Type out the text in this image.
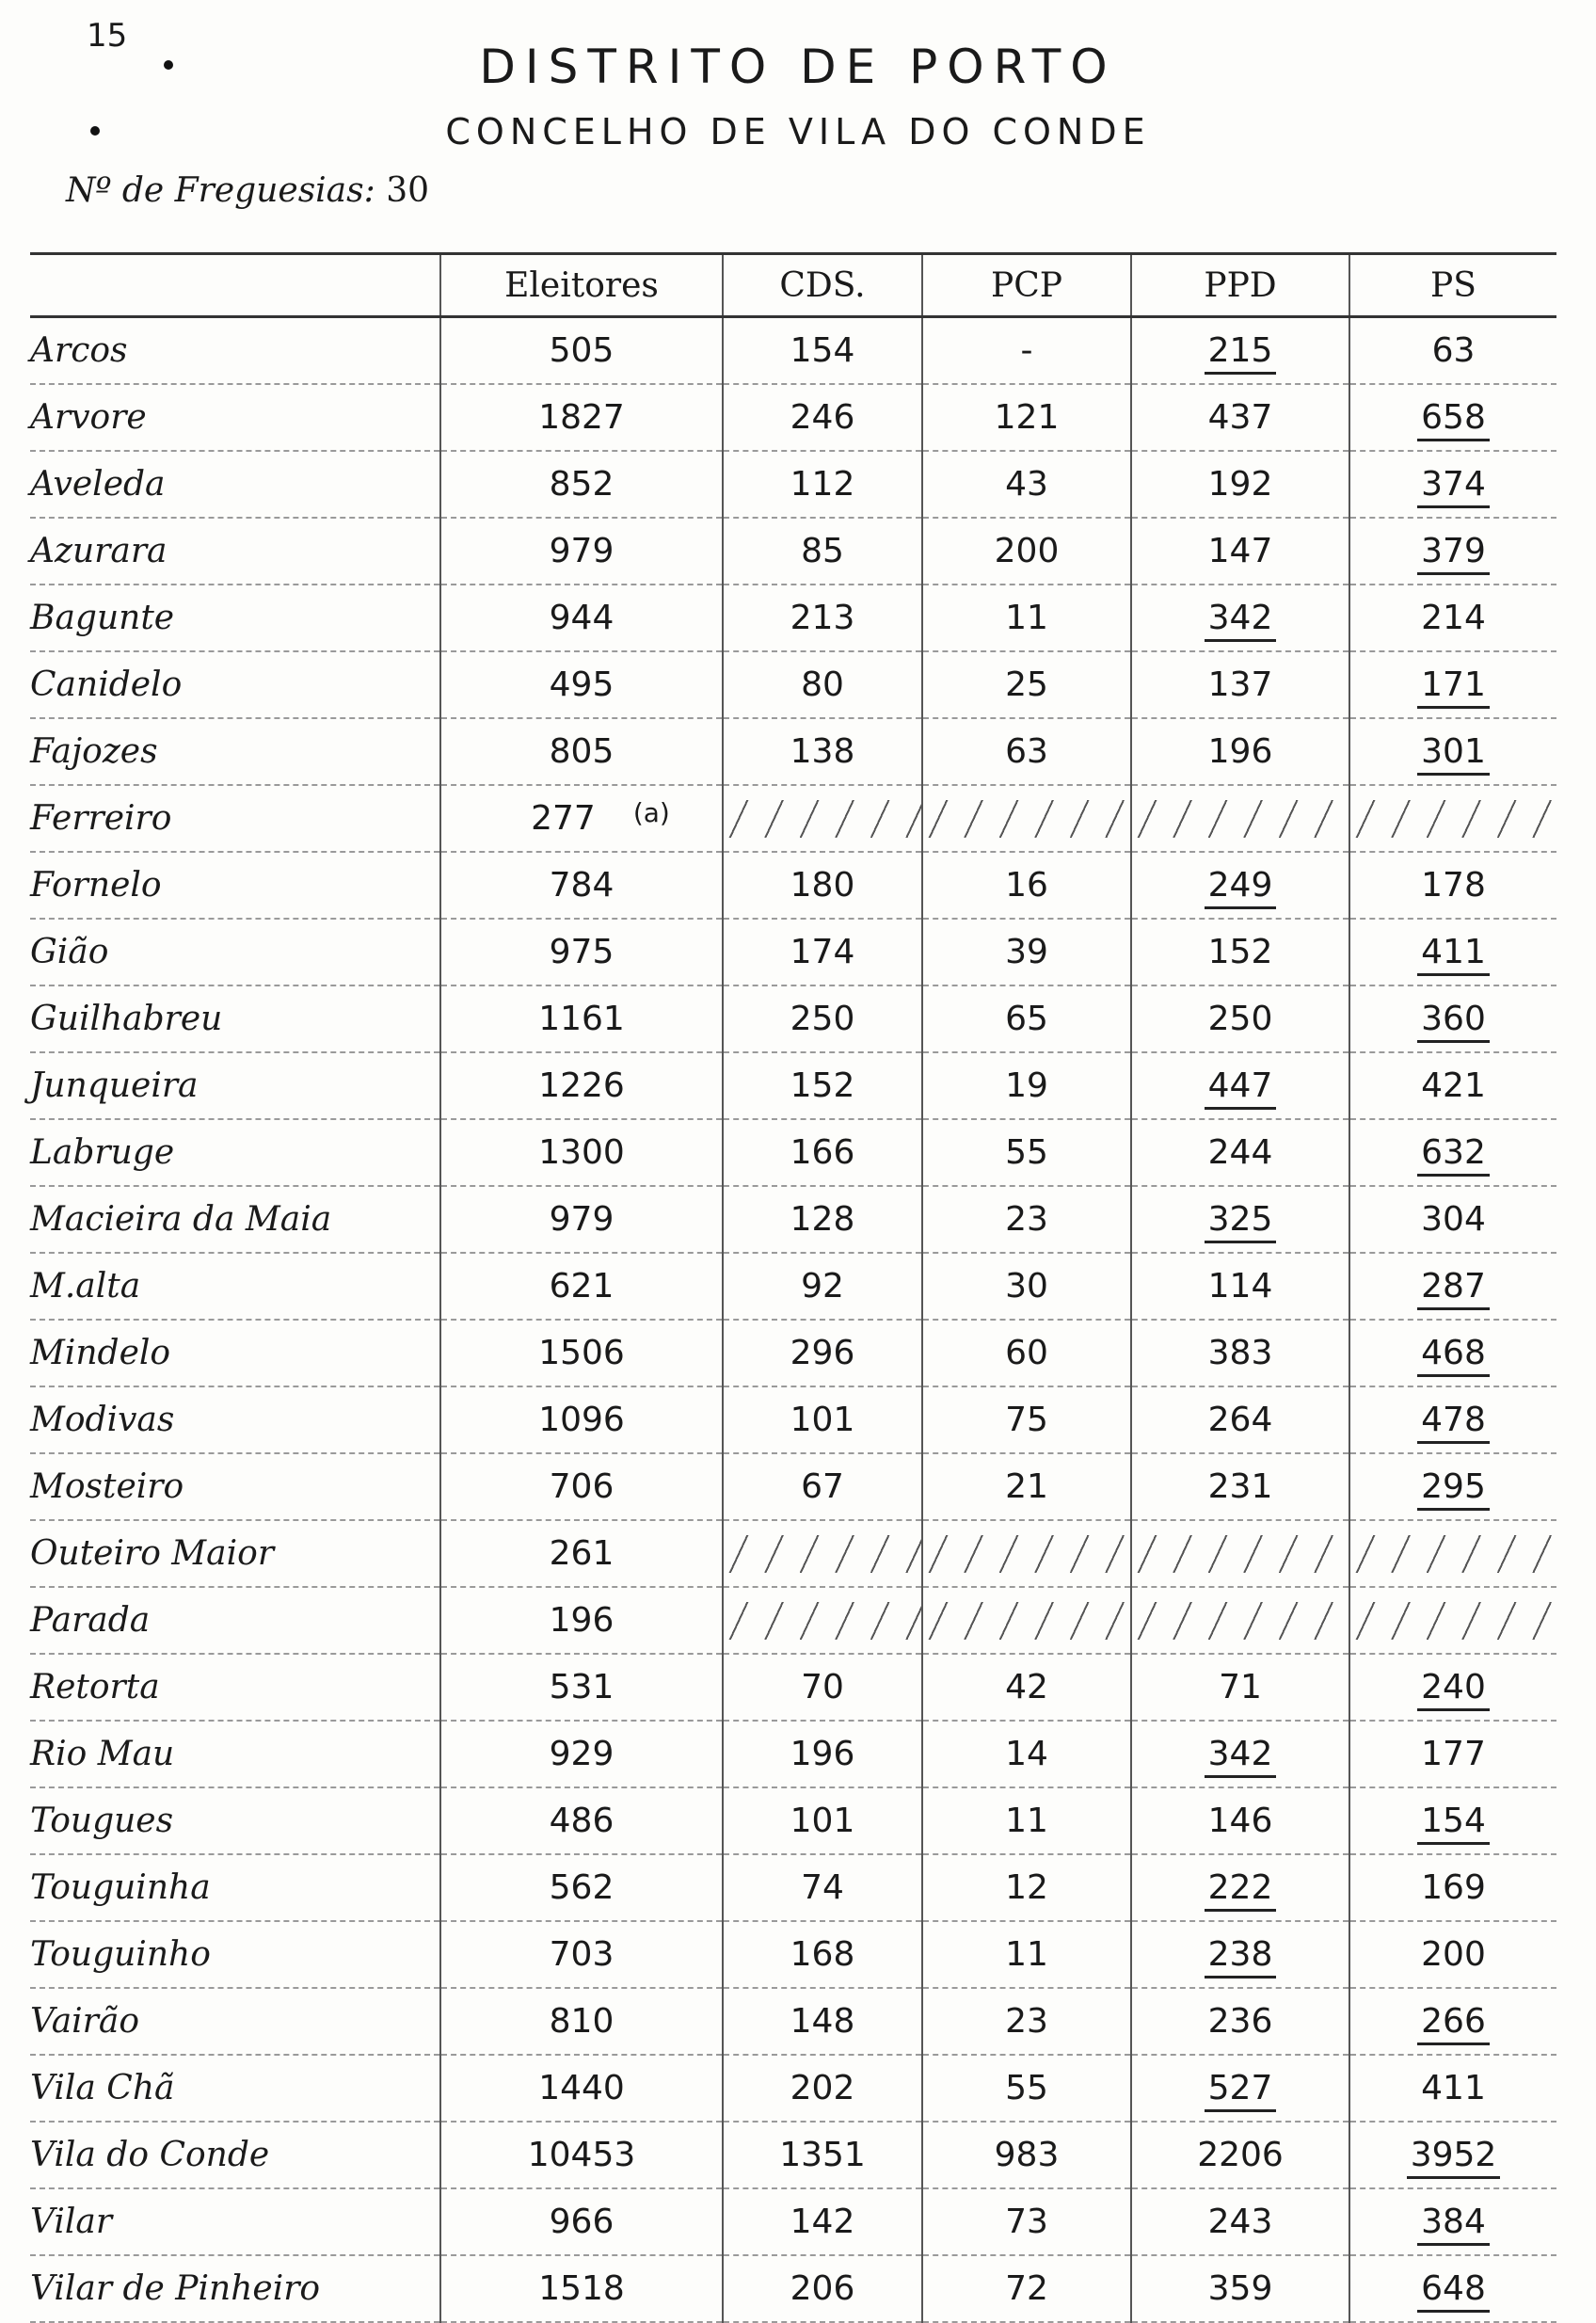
15
DISTRITO DE PORTO
CONCELHO DE VILA DO CONDE
Nº de Freguesias: 30
	Eleitores	CDS.	PCP	PPD	PS
Arcos	505	154	-	215	63
Arvore	1827	246	121	437	658
Aveleda	852	112	43	192	374
Azurara	979	85	200	147	379
Bagunte	944	213	11	342	214
Canidelo	495	80	25	137	171
Fajozes	805	138	63	196	301
Ferreiro	277 $^{(a)}$				
Fornelo	784	180	16	249	178
Gião	975	174	39	152	411
Guilhabreu	1161	250	65	250	360
Junqueira	1226	152	19	447	421
Labruge	1300	166	55	244	632
Macieira da Maia	979	128	23	325	304
M.alta	621	92	30	114	287
Mindelo	1506	296	60	383	468
Modivas	1096	101	75	264	478
Mosteiro	706	67	21	231	295
Outeiro Maior	261				
Parada	196				
Retorta	531	70	42	71	240
Rio Mau	929	196	14	342	177
Tougues	486	101	11	146	154
Touguinha	562	74	12	222	169
Touguinho	703	168	11	238	200
Vairão	810	148	23	236	266
Vila Chã	1440	202	55	527	411
Vila do Conde	10453	1351	983	2206	3952
Vilar	966	142	73	243	384
Vilar de Pinheiro	1518	206	72	359	648
